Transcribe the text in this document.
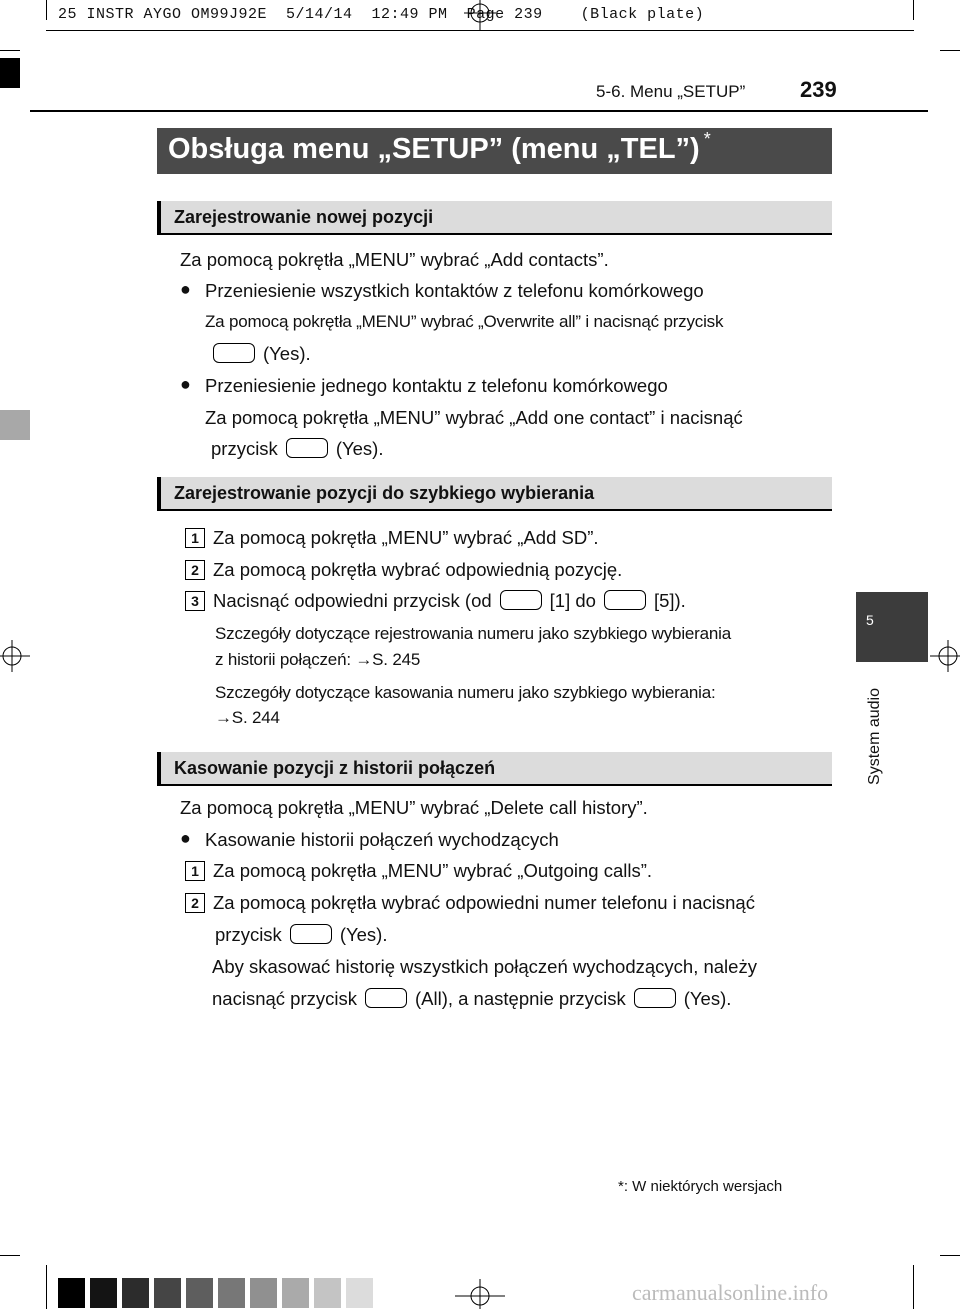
25 INSTR AYGO OM99J92E  5/14/14  12:49 PM  Page 239    (Black plate)
5-6. Menu „SETUP” 239
Obsługa menu „SETUP” (menu „TEL”) *
5
System audio
Zarejestrowanie nowej pozycji
Za pomocą pokrętła „MENU” wybrać „Add contacts”.
● Przeniesienie wszystkich kontaktów z telefonu komórkowego
Za pomocą pokrętła „MENU” wybrać „Overwrite all” i nacisnąć przycisk
(Yes).
● Przeniesienie jednego kontaktu z telefonu komórkowego
Za pomocą pokrętła „MENU” wybrać „Add one contact” i nacisnąć
przycisk	(Yes).
Zarejestrowanie pozycji do szybkiego wybierania
1 Za pomocą pokrętła „MENU” wybrać „Add SD”.
2 Za pomocą pokrętła wybrać odpowiednią pozycję.
3 Nacisnąć odpowiedni przycisk (od	[1] do	[5]).
Szczegóły dotyczące rejestrowania numeru jako szybkiego wybierania
z historii połączeń: →S. 245
Szczegóły dotyczące kasowania numeru jako szybkiego wybierania:
→S. 244
Kasowanie pozycji z historii połączeń
Za pomocą pokrętła „MENU” wybrać „Delete call history”.
● Kasowanie historii połączeń wychodzących
1 Za pomocą pokrętła „MENU” wybrać „Outgoing calls”.
2 Za pomocą pokrętła wybrać odpowiedni numer telefonu i nacisnąć
przycisk	(Yes).
Aby skasować historię wszystkich połączeń wychodzących, należy
nacisnąć przycisk	(All), a następnie przycisk	(Yes).
*: W niektórych wersjach
carmanualsonline.info
